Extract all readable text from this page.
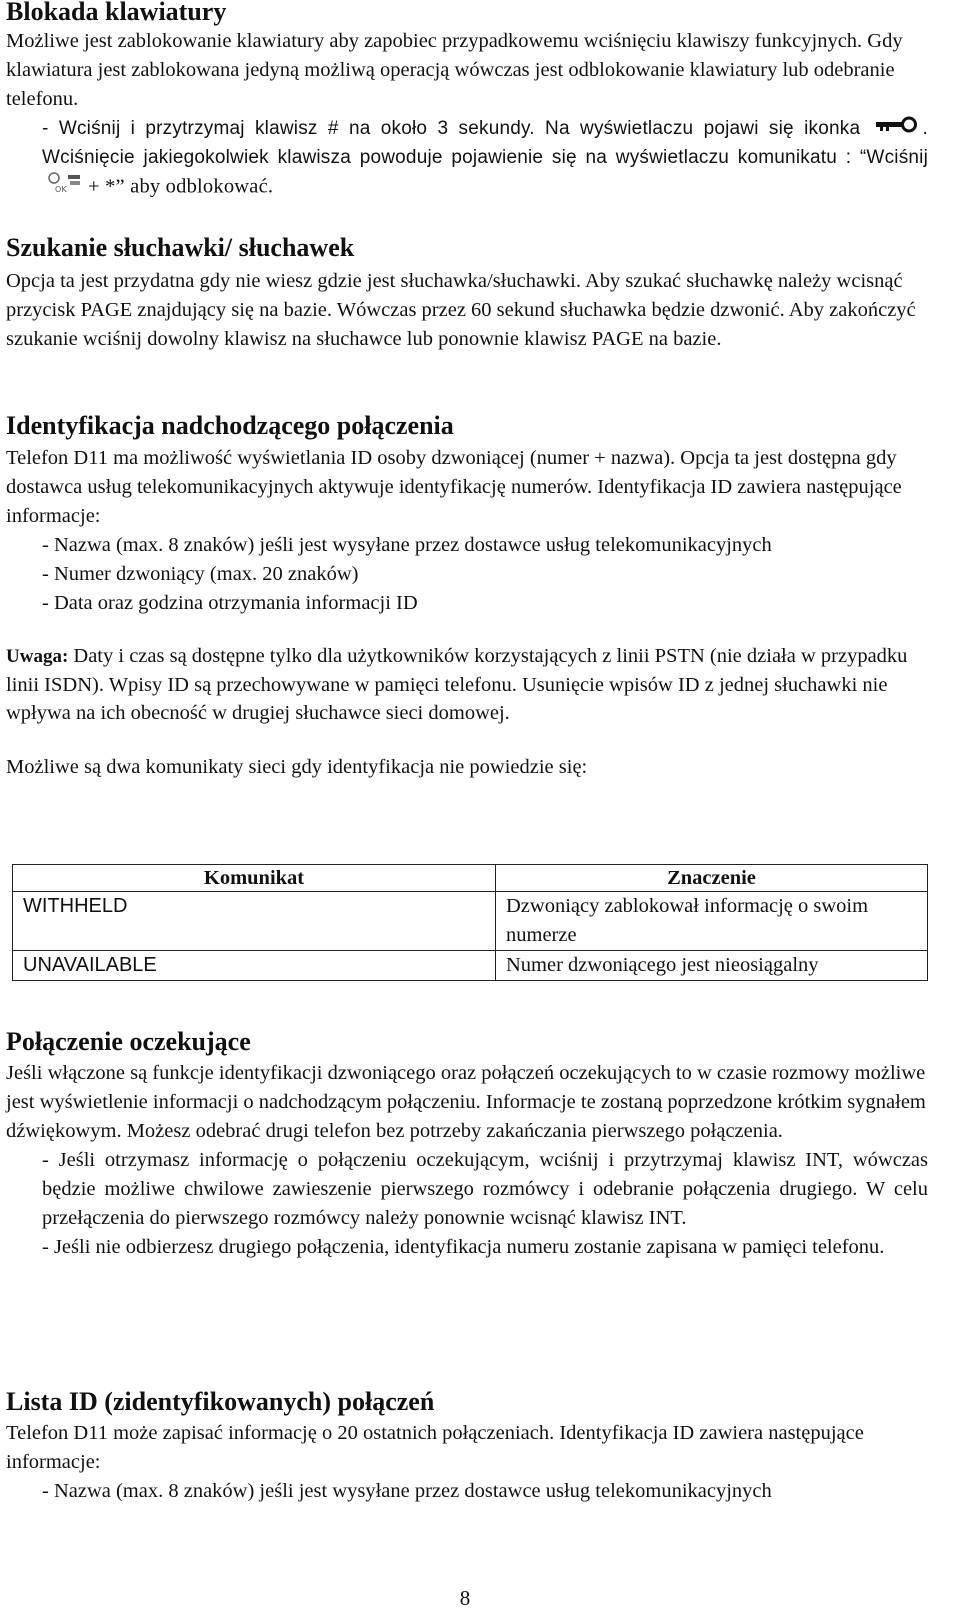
Blokada klawiatury

Możliwe jest zablokowanie klawiatury aby zapobiec przypadkowemu wciśnięciu klawiszy funkcyjnych. Gdy klawiatura jest zablokowana jedyną możliwą operacją wówczas jest odblokowanie klawiatury lub odebranie telefonu.

- Wciśnij i przytrzymaj klawisz # na około 3 sekundy. Na wyświetlaczu pojawi się ikonka	. Wciśnięcie jakiegokolwiek klawisza powoduje pojawienie się na wyświetlaczu komunikatu : “Wciśnij
OK + *” aby odblokować.

Szukanie słuchawki/ słuchawek

Opcja ta jest przydatna gdy nie wiesz gdzie jest słuchawka/słuchawki. Aby szukać słuchawkę należy wcisnąć przycisk PAGE znajdujący się na bazie. Wówczas przez 60 sekund słuchawka będzie dzwonić. Aby zakończyć szukanie wciśnij dowolny klawisz na słuchawce lub ponownie klawisz PAGE na bazie.

Identyfikacja nadchodzącego połączenia

Telefon D11 ma możliwość wyświetlania ID osoby dzwoniącej (numer + nazwa). Opcja ta jest dostępna gdy dostawca usług telekomunikacyjnych aktywuje identyfikację numerów. Identyfikacja ID zawiera następujące informacje:

- Nazwa (max. 8 znaków) jeśli jest wysyłane przez dostawce usług telekomunikacyjnych

- Numer dzwoniący (max. 20 znaków)

- Data oraz godzina otrzymania informacji ID

Uwaga: Daty i czas są dostępne tylko dla użytkowników korzystających z linii PSTN (nie działa w przypadku linii ISDN). Wpisy ID są przechowywane w pamięci telefonu. Usunięcie wpisów ID z jednej słuchawki nie wpływa na ich obecność w drugiej słuchawce sieci domowej.

Możliwe są dwa komunikaty sieci gdy identyfikacja nie powiedzie się:

Komunikat	Znaczenie
WITHHELD	Dzwoniący zablokował informację o swoim numerze
UNAVAILABLE	Numer dzwoniącego jest nieosiągalny
Połączenie oczekujące

Jeśli włączone są funkcje identyfikacji dzwoniącego oraz połączeń oczekujących to w czasie rozmowy możliwe jest wyświetlenie informacji o nadchodzącym połączeniu. Informacje te zostaną poprzedzone krótkim sygnałem dźwiękowym. Możesz odebrać drugi telefon bez potrzeby zakańczania pierwszego połączenia.

- Jeśli otrzymasz informację o połączeniu oczekującym, wciśnij i przytrzymaj klawisz INT, wówczas będzie możliwe chwilowe zawieszenie pierwszego rozmówcy i odebranie połączenia drugiego. W celu przełączenia do pierwszego rozmówcy należy ponownie wcisnąć klawisz INT.

- Jeśli nie odbierzesz drugiego połączenia, identyfikacja numeru zostanie zapisana w pamięci telefonu.

Lista ID (zidentyfikowanych) połączeń

Telefon D11 może zapisać informację o 20 ostatnich połączeniach. Identyfikacja ID zawiera następujące informacje:

- Nazwa (max. 8 znaków) jeśli jest wysyłane przez dostawce usług telekomunikacyjnych

8
